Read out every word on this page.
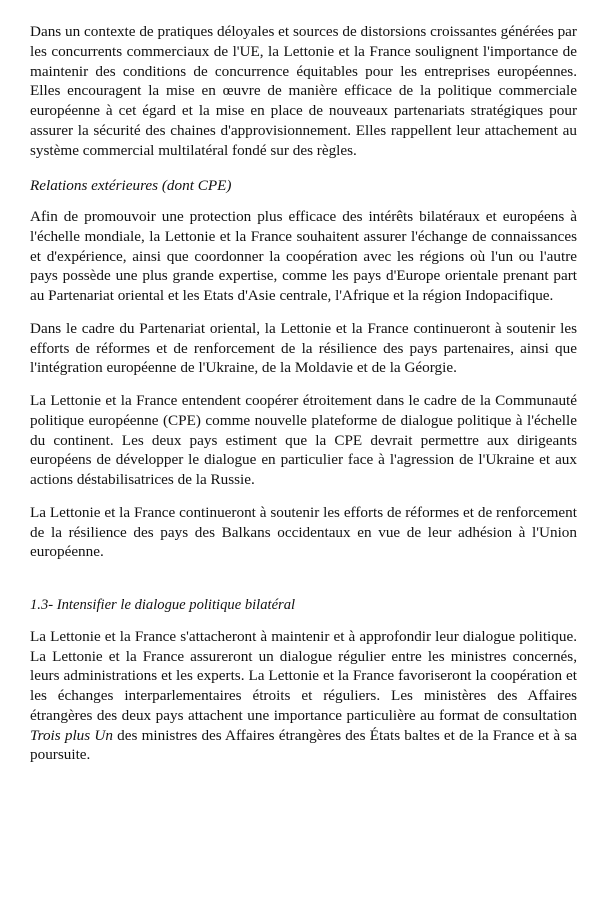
Dans un contexte de pratiques déloyales et sources de distorsions croissantes générées par les concurrents commerciaux de l'UE, la Lettonie et la France soulignent l'importance de maintenir des conditions de concurrence équitables pour les entreprises européennes. Elles encouragent la mise en œuvre de manière efficace de la politique commerciale européenne à cet égard et la mise en place de nouveaux partenariats stratégiques pour assurer la sécurité des chaines d'approvisionnement. Elles rappellent leur attachement au système commercial multilatéral fondé sur des règles.

Relations extérieures (dont CPE)

Afin de promouvoir une protection plus efficace des intérêts bilatéraux et européens à l'échelle mondiale, la Lettonie et la France souhaitent assurer l'échange de connaissances et d'expérience, ainsi que coordonner la coopération avec les régions où l'un ou l'autre pays possède une plus grande expertise, comme les pays d'Europe orientale prenant part au Partenariat oriental et les Etats d'Asie centrale, l'Afrique et la région Indopacifique.

Dans le cadre du Partenariat oriental, la Lettonie et la France continueront à soutenir les efforts de réformes et de renforcement de la résilience des pays partenaires, ainsi que l'intégration européenne de l'Ukraine, de la Moldavie et de la Géorgie.

La Lettonie et la France entendent coopérer étroitement dans le cadre de la Communauté politique européenne (CPE) comme nouvelle plateforme de dialogue politique à l'échelle du continent. Les deux pays estiment que la CPE devrait permettre aux dirigeants européens de développer le dialogue en particulier face à l'agression de l'Ukraine et aux actions déstabilisatrices de la Russie.

La Lettonie et la France continueront à soutenir les efforts de réformes et de renforcement de la résilience des pays des Balkans occidentaux en vue de leur adhésion à l'Union européenne.

1.3- Intensifier le dialogue politique bilatéral

La Lettonie et la France s'attacheront à maintenir et à approfondir leur dialogue politique. La Lettonie et la France assureront un dialogue régulier entre les ministres concernés, leurs administrations et les experts. La Lettonie et la France favoriseront la coopération et les échanges interparlementaires étroits et réguliers. Les ministères des Affaires étrangères des deux pays attachent une importance particulière au format de consultation Trois plus Un des ministres des Affaires étrangères des États baltes et de la France et à sa poursuite.
